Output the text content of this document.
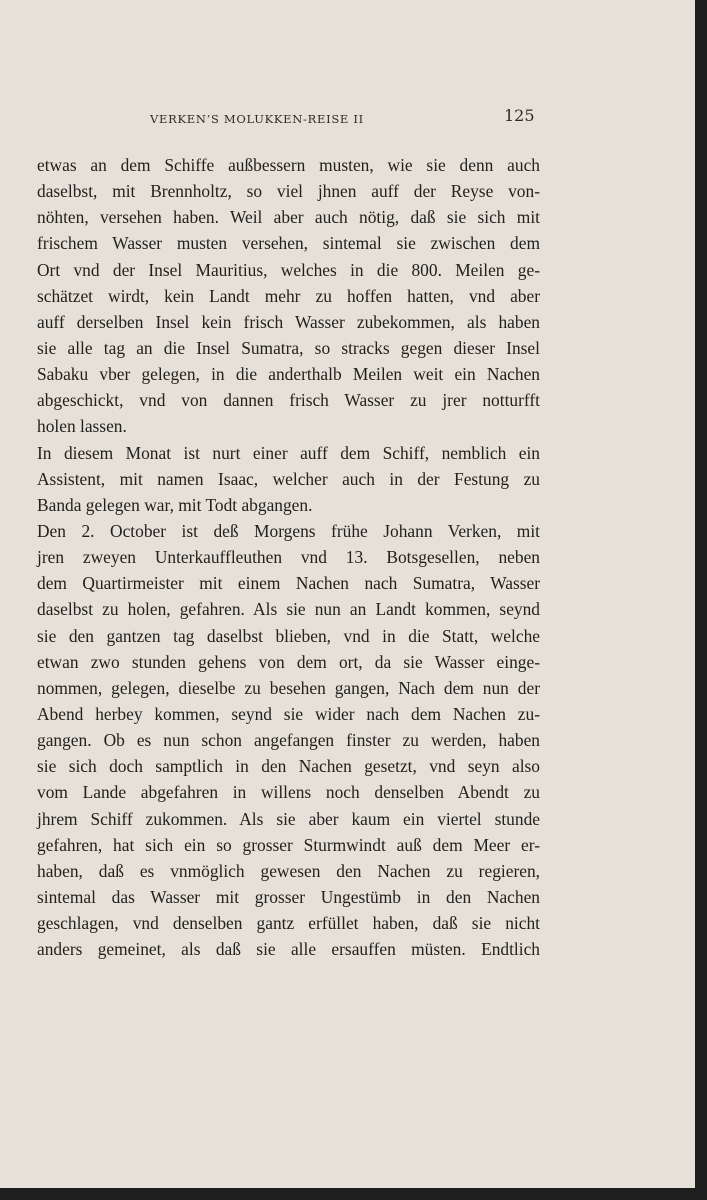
VERKEN’S MOLUKKEN-REISE II	125
etwas an dem Schiffe außbessern musten, wie sie denn auch
daselbst, mit Brennholtz, so viel jhnen auff der Reyse von-
nöhten, versehen haben. Weil aber auch nötig, daß sie sich mit
frischem Wasser musten versehen, sintemal sie zwischen dem
Ort vnd der Insel Mauritius, welches in die 800. Meilen ge-
schätzet wirdt, kein Landt mehr zu hoffen hatten, vnd aber
auff derselben Insel kein frisch Wasser zubekommen, als haben
sie alle tag an die Insel Sumatra, so stracks gegen dieser Insel
Sabaku vber gelegen, in die anderthalb Meilen weit ein Nachen
abgeschickt, vnd von dannen frisch Wasser zu jrer notturfft
holen lassen.
In diesem Monat ist nurt einer auff dem Schiff, nemblich ein
Assistent, mit namen Isaac, welcher auch in der Festung zu
Banda gelegen war, mit Todt abgangen.
Den 2. October ist deß Morgens frühe Johann Verken, mit
jren zweyen Unterkauffleuthen vnd 13. Botsgesellen, neben
dem Quartirmeister mit einem Nachen nach Sumatra, Wasser
daselbst zu holen, gefahren. Als sie nun an Landt kommen, seynd
sie den gantzen tag daselbst blieben, vnd in die Statt, welche
etwan zwo stunden gehens von dem ort, da sie Wasser einge-
nommen, gelegen, dieselbe zu besehen gangen, Nach dem nun der
Abend herbey kommen, seynd sie wider nach dem Nachen zu-
gangen. Ob es nun schon angefangen finster zu werden, haben
sie sich doch samptlich in den Nachen gesetzt, vnd seyn also
vom Lande abgefahren in willens noch denselben Abendt zu
jhrem Schiff zukommen. Als sie aber kaum ein viertel stunde
gefahren, hat sich ein so grosser Sturmwindt auß dem Meer er-
haben, daß es vnmöglich gewesen den Nachen zu regieren,
sintemal das Wasser mit grosser Ungestümb in den Nachen
geschlagen, vnd denselben gantz erfüllet haben, daß sie nicht
anders gemeinet, als daß sie alle ersauffen müsten. Endtlich
